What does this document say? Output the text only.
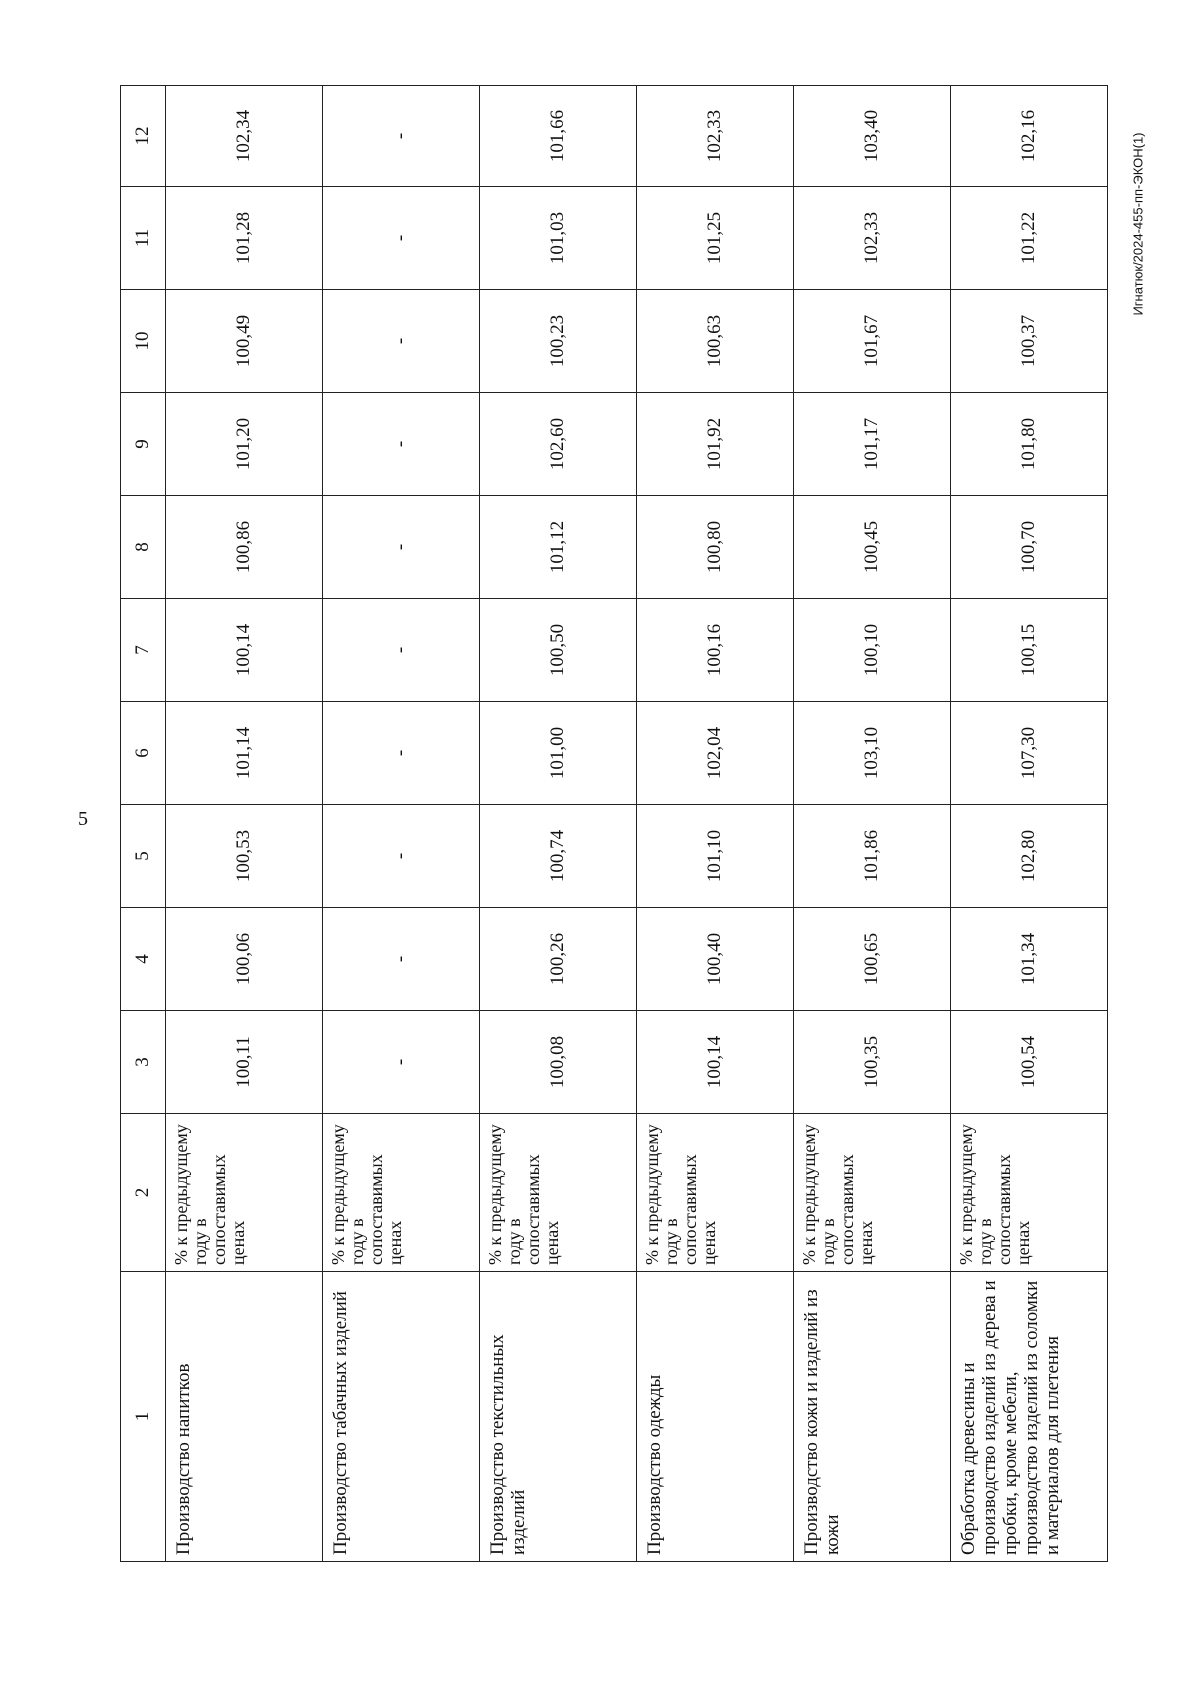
5
Игнатюк/2024-455-пп-ЭКОН(1)
1	2	3	4	5	6	7	8	9	10	11	12
Производство напитков	% к предыдущему году в сопоставимых ценах	100,11	100,06	100,53	101,14	100,14	100,86	101,20	100,49	101,28	102,34
Производство табачных изделий	% к предыдущему году в сопоставимых ценах	-	-	-	-	-	-	-	-	-	-
Производство текстильных изделий	% к предыдущему году в сопоставимых ценах	100,08	100,26	100,74	101,00	100,50	101,12	102,60	100,23	101,03	101,66
Производство одежды	% к предыдущему году в сопоставимых ценах	100,14	100,40	101,10	102,04	100,16	100,80	101,92	100,63	101,25	102,33
Производство кожи и изделий из кожи	% к предыдущему году в сопоставимых ценах	100,35	100,65	101,86	103,10	100,10	100,45	101,17	101,67	102,33	103,40
Обработка древесины и производство изделий из дерева и пробки, кроме мебели, производство изделий из соломки и материалов для плетения	% к предыдущему году в сопоставимых ценах	100,54	101,34	102,80	107,30	100,15	100,70	101,80	100,37	101,22	102,16
